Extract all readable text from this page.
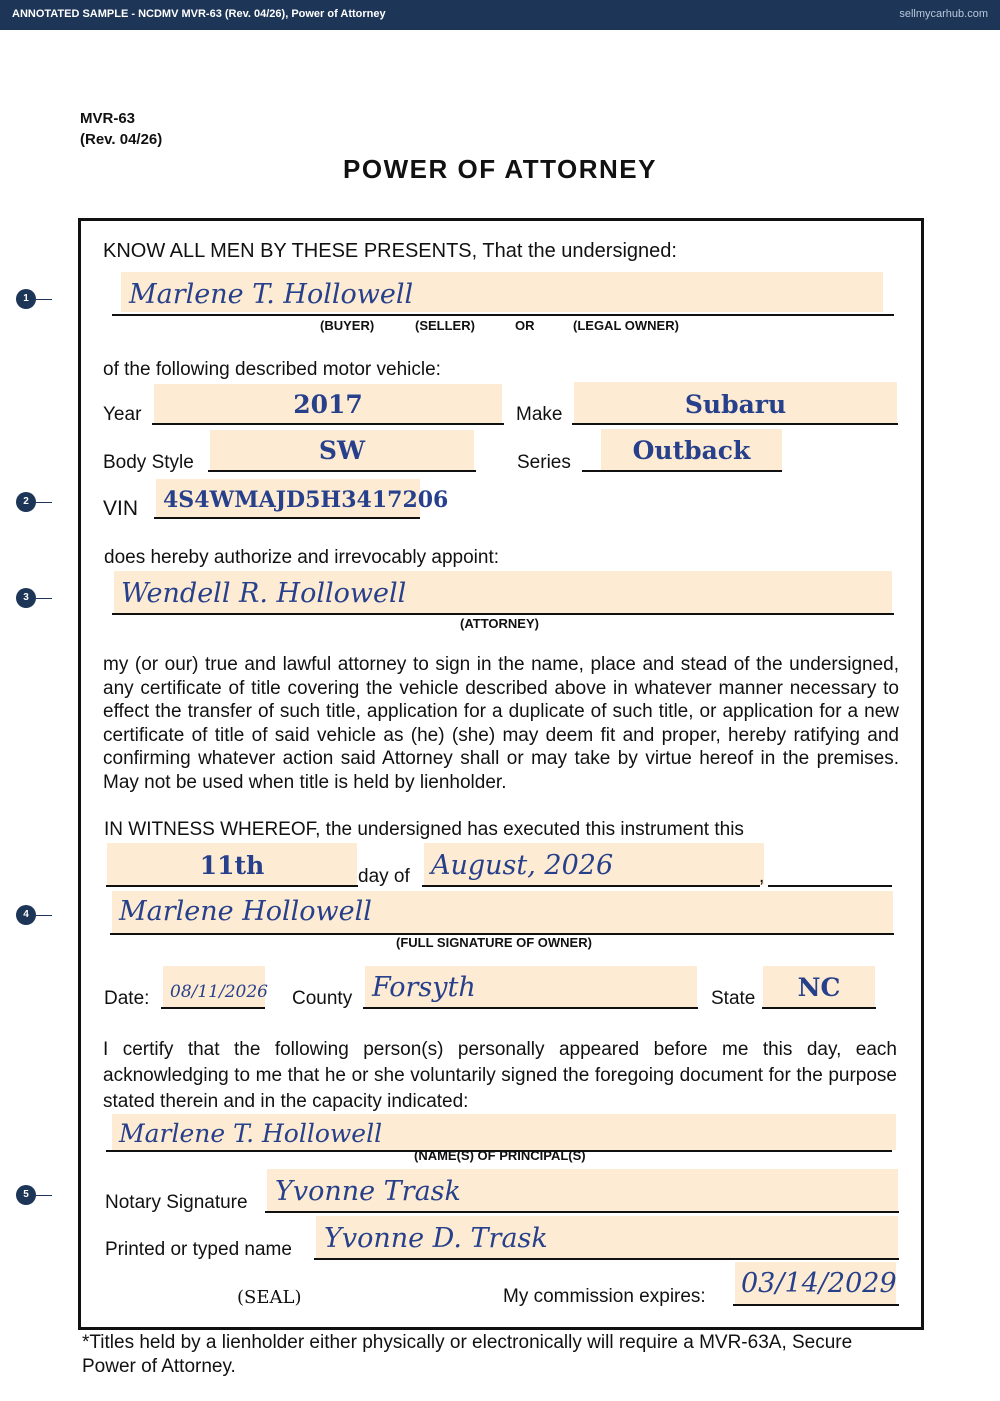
ANNOTATED SAMPLE - NCDMV MVR-63 (Rev. 04/26), Power of Attorney	sellmycarhub.com
MVR-63
(Rev. 04/26)
POWER OF ATTORNEY
1
2
3
4
5
KNOW ALL MEN BY THESE PRESENTS, That the undersigned:
Marlene T. Hollowell
(BUYER)	(SELLER)	OR	(LEGAL OWNER)
of the following described motor vehicle:
Year	2017	Make	Subaru
Body Style	SW	Series	Outback
VIN 4S4WMAJD5H3417206
does hereby authorize and irrevocably appoint:
Wendell R. Hollowell
(ATTORNEY)
my (or our) true and lawful attorney to sign in the name, place and stead of the undersigned, any certificate of title covering the vehicle described above in whatever manner necessary to effect the transfer of such title, application for a duplicate of such title, or application for a new certificate of title of said vehicle as (he) (she) may deem fit and proper, hereby ratifying and confirming whatever action said Attorney shall or may take by virtue hereof in the premises. May not be used when title is held by lienholder.
IN WITNESS WHEREOF, the undersigned has executed this instrument this
11th	day of August, 2026	,
Marlene Hollowell
(FULL SIGNATURE OF OWNER)
Date: 08/11/2026 County Forsyth	State	NC
I certify that the following person(s) personally appeared before me this day, each acknowledging to me that he or she voluntarily signed the foregoing document for the purpose stated therein and in the capacity indicated:
Marlene T. Hollowell
(NAME(S) OF PRINCIPAL(S)
Notary Signature Yvonne Trask
Printed or typed name Yvonne D. Trask
(SEAL)	My commission expires: 03/14/2029
*Titles held by a lienholder either physically or electronically will require a MVR-63A, Secure Power of Attorney.
